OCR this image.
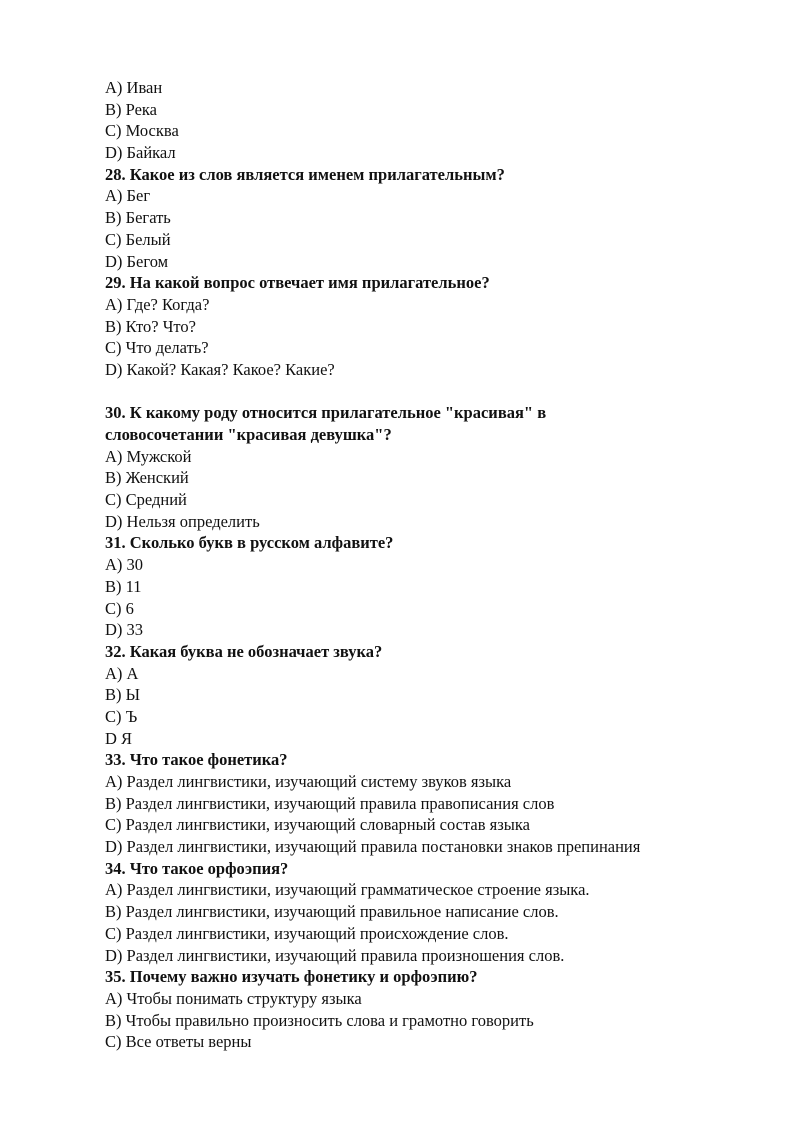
A) Иван
B) Река
C) Москва
D) Байкал
28. Какое из слов является именем прилагательным?
A) Бег
B) Бегать
C) Белый
D) Бегом
29. На какой вопрос отвечает имя прилагательное?
A) Где? Когда?
B) Кто? Что?
C) Что делать?
D) Какой? Какая? Какое? Какие?
30. К какому роду относится прилагательное "красивая" в
словосочетании "красивая девушка"?
A) Мужской
B) Женский
C) Средний
D) Нельзя определить
31. Сколько букв в русском алфавите?
A) 30
B) 11
C) 6
D) 33
32. Какая буква не обозначает звука?
A) А
B) Ы
C) Ъ
D Я
33. Что такое фонетика?
A) Раздел лингвистики, изучающий систему звуков языка
B) Раздел лингвистики, изучающий правила правописания слов
C) Раздел лингвистики, изучающий словарный состав языка
D) Раздел лингвистики, изучающий правила постановки знаков препинания
34. Что такое орфоэпия?
A) Раздел лингвистики, изучающий грамматическое строение языка.
B) Раздел лингвистики, изучающий правильное написание слов.
C) Раздел лингвистики, изучающий происхождение слов.
D) Раздел лингвистики, изучающий правила произношения слов.
35. Почему важно изучать фонетику и орфоэпию?
A) Чтобы понимать структуру языка
B) Чтобы правильно произносить слова и грамотно говорить
C) Все ответы верны
